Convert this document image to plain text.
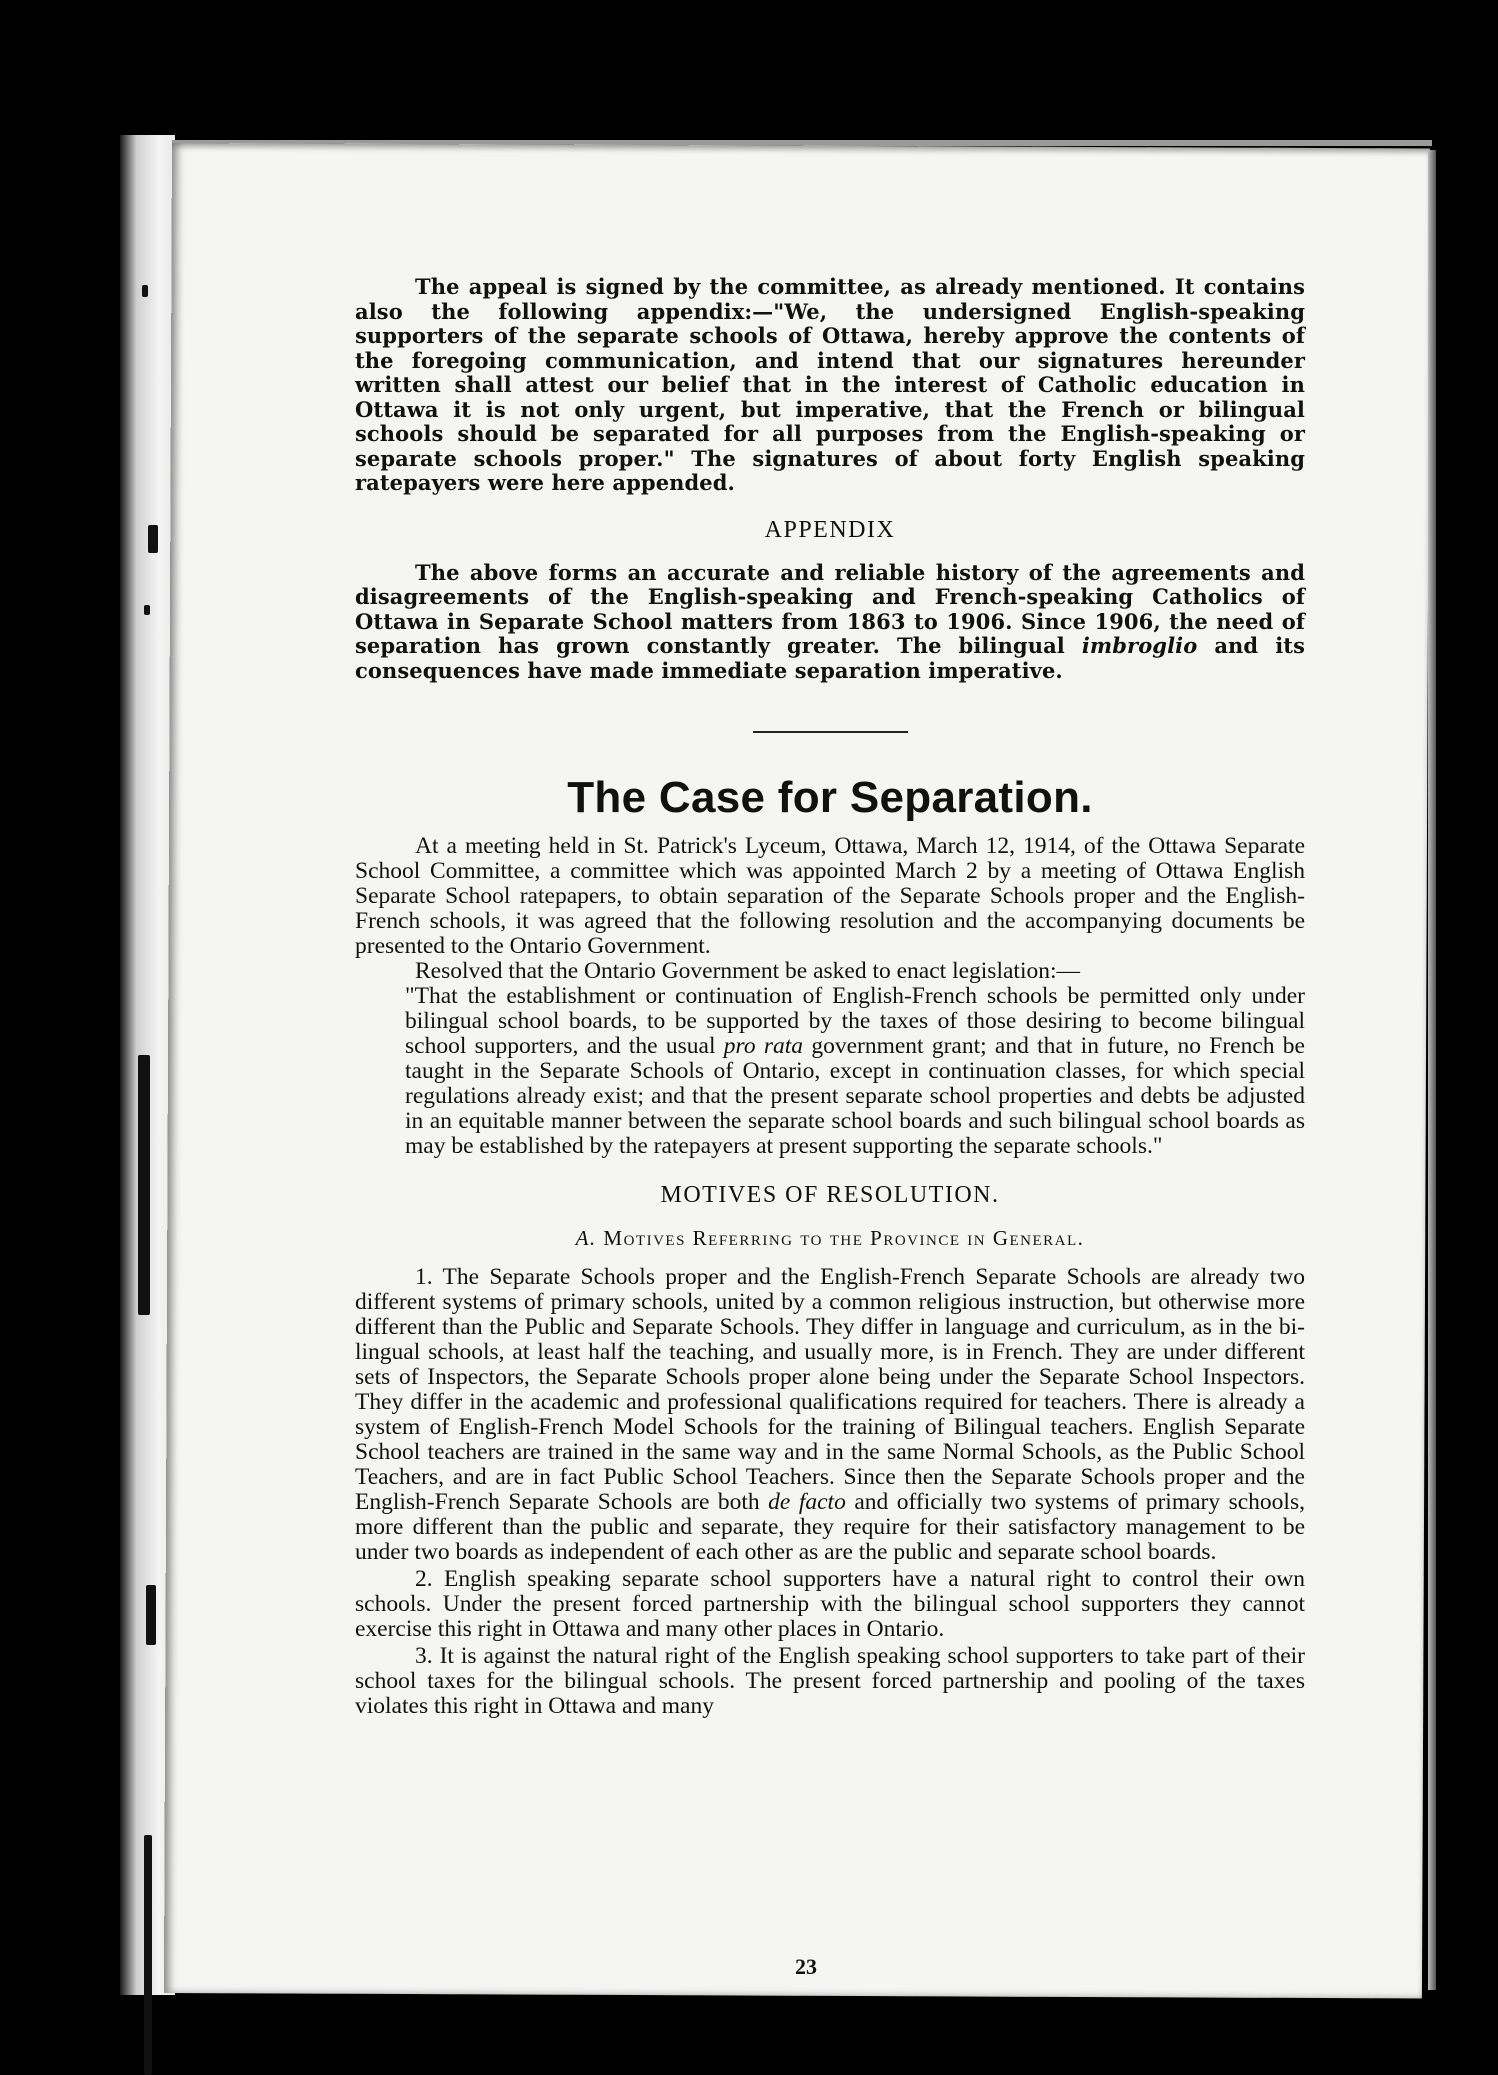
The appeal is signed by the committee, as already mentioned. It contains also the following appendix:—"We, the undersigned English-speaking supporters of the separate schools of Ottawa, hereby approve the contents of the foregoing communication, and intend that our signatures hereunder written shall attest our belief that in the interest of Catholic education in Ottawa it is not only urgent, but imperative, that the French or bilingual schools should be separated for all purposes from the English-speaking or separate schools proper." The signatures of about forty English speaking ratepayers were here appended.

APPENDIX

The above forms an accurate and reliable history of the agreements and disagreements of the English-speaking and French-speaking Catholics of Ottawa in Separate School matters from 1863 to 1906. Since 1906, the need of separation has grown constantly greater. The bilingual imbroglio and its consequences have made immediate separation imperative.

The Case for Separation.

At a meeting held in St. Patrick's Lyceum, Ottawa, March 12, 1914, of the Ottawa Separate School Committee, a committee which was appointed March 2 by a meeting of Ottawa English Separate School ratepapers, to obtain separation of the Separate Schools proper and the English-French schools, it was agreed that the following resolution and the accompanying documents be presented to the Ontario Government.

Resolved that the Ontario Government be asked to enact legislation:—

"That the establishment or continuation of English-French schools be permitted only under bilingual school boards, to be supported by the taxes of those desiring to become bilingual school supporters, and the usual pro rata government grant; and that in future, no French be taught in the Separate Schools of Ontario, except in continuation classes, for which special regulations already exist; and that the present separate school properties and debts be adjusted in an equitable manner between the separate school boards and such bilingual school boards as may be established by the ratepayers at present supporting the separate schools."

MOTIVES OF RESOLUTION.
A. Motives Referring to the Province in General.

1. The Separate Schools proper and the English-French Separate Schools are already two different systems of primary schools, united by a common religious instruction, but otherwise more different than the Public and Separate Schools. They differ in language and curriculum, as in the bi-lingual schools, at least half the teaching, and usually more, is in French. They are under different sets of Inspectors, the Separate Schools proper alone being under the Separate School Inspectors. They differ in the academic and professional qualifications required for teachers. There is already a system of English-French Model Schools for the training of Bilingual teachers. English Separate School teachers are trained in the same way and in the same Normal Schools, as the Public School Teachers, and are in fact Public School Teachers. Since then the Separate Schools proper and the English-French Separate Schools are both de facto and officially two systems of primary schools, more different than the public and separate, they require for their satisfactory management to be under two boards as independent of each other as are the public and separate school boards.

2. English speaking separate school supporters have a natural right to control their own schools. Under the present forced partnership with the bilingual school supporters they cannot exercise this right in Ottawa and many other places in Ontario.

3. It is against the natural right of the English speaking school supporters to take part of their school taxes for the bilingual schools. The present forced partnership and pooling of the taxes violates this right in Ottawa and many

23
